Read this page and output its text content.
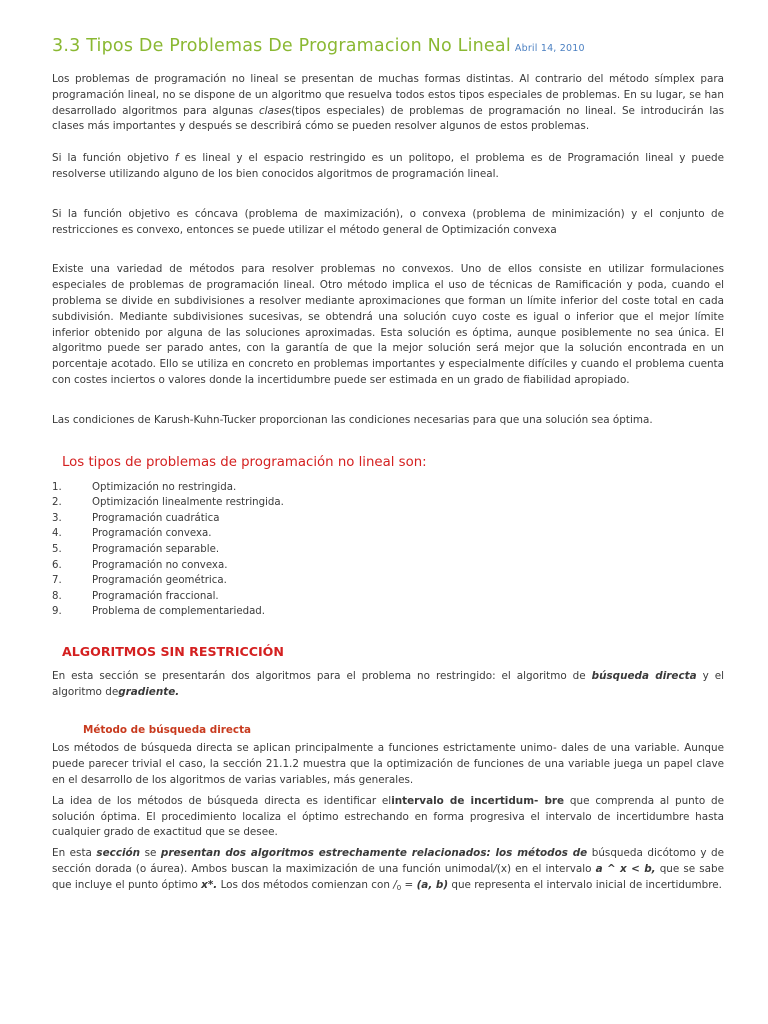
3.3 Tipos De Problemas De Programacion No Lineal Abril 14, 2010

Los problemas de programación no lineal se presentan de muchas formas distintas. Al contrario del método símplex para programación lineal, no se dispone de un algoritmo que resuelva todos estos tipos especiales de problemas. En su lugar, se han desarrollado algoritmos para algunas clases(tipos especiales) de problemas de programación no lineal. Se introducirán las clases más importantes y después se describirá cómo se pueden resolver algunos de estos problemas.

Si la función objetivo f es lineal y el espacio restringido es un politopo, el problema es de Programación lineal y puede resolverse utilizando alguno de los bien conocidos algoritmos de programación lineal.

Si la función objetivo es cóncava (problema de maximización), o convexa (problema de minimización) y el conjunto de restricciones es convexo, entonces se puede utilizar el método general de Optimización convexa

Existe una variedad de métodos para resolver problemas no convexos. Uno de ellos consiste en utilizar formulaciones especiales de problemas de programación lineal. Otro método implica el uso de técnicas de Ramificación y poda, cuando el problema se divide en subdivisiones a resolver mediante aproximaciones que forman un límite inferior del coste total en cada subdivisión. Mediante subdivisiones sucesivas, se obtendrá una solución cuyo coste es igual o inferior que el mejor límite inferior obtenido por alguna de las soluciones aproximadas. Esta solución es óptima, aunque posiblemente no sea única. El algoritmo puede ser parado antes, con la garantía de que la mejor solución será mejor que la solución encontrada en un porcentaje acotado. Ello se utiliza en concreto en problemas importantes y especialmente difíciles y cuando el problema cuenta con costes inciertos o valores donde la incertidumbre puede ser estimada en un grado de fiabilidad apropiado.

Las condiciones de Karush-Kuhn-Tucker proporcionan las condiciones necesarias para que una solución sea óptima.

Los tipos de problemas de programación no lineal son:
1.	Optimización no restringida.
2.	Optimización linealmente restringida.
3.	Programación cuadrática
4.	Programación convexa.
5.	Programación separable.
6.	Programación no convexa.
7.	Programación geométrica.
8.	Programación fraccional.
9.	Problema de complementariedad.
ALGORITMOS SIN RESTRICCIÓN

En esta sección se presentarán dos algoritmos para el problema no restringido: el algoritmo de búsqueda directa y el algoritmo degradiente.

Método de búsqueda directa

Los métodos de búsqueda directa se aplican principalmente a funciones estrictamente unimo- dales de una variable. Aunque puede parecer trivial el caso, la sección 21.1.2 muestra que la optimización de funciones de una variable juega un papel clave en el desarrollo de los algoritmos de varias variables, más generales.

La idea de los métodos de búsqueda directa es identificar elintervalo de incertidum- bre que comprenda al punto de solución óptima. El procedimiento localiza el óptimo estrechando en forma progresiva el intervalo de incertidumbre hasta cualquier grado de exactitud que se desee.

En esta sección se presentan dos algoritmos estrechamente relacionados: los métodos de búsqueda dicótomo y de sección dorada (o áurea). Ambos buscan la maximización de una función unimodal/(x) en el intervalo a ^ x < b, que se sabe que incluye el punto óptimo x*. Los dos métodos comienzan con $/_0 = (a$, b) que representa el intervalo inicial de incertidumbre.
